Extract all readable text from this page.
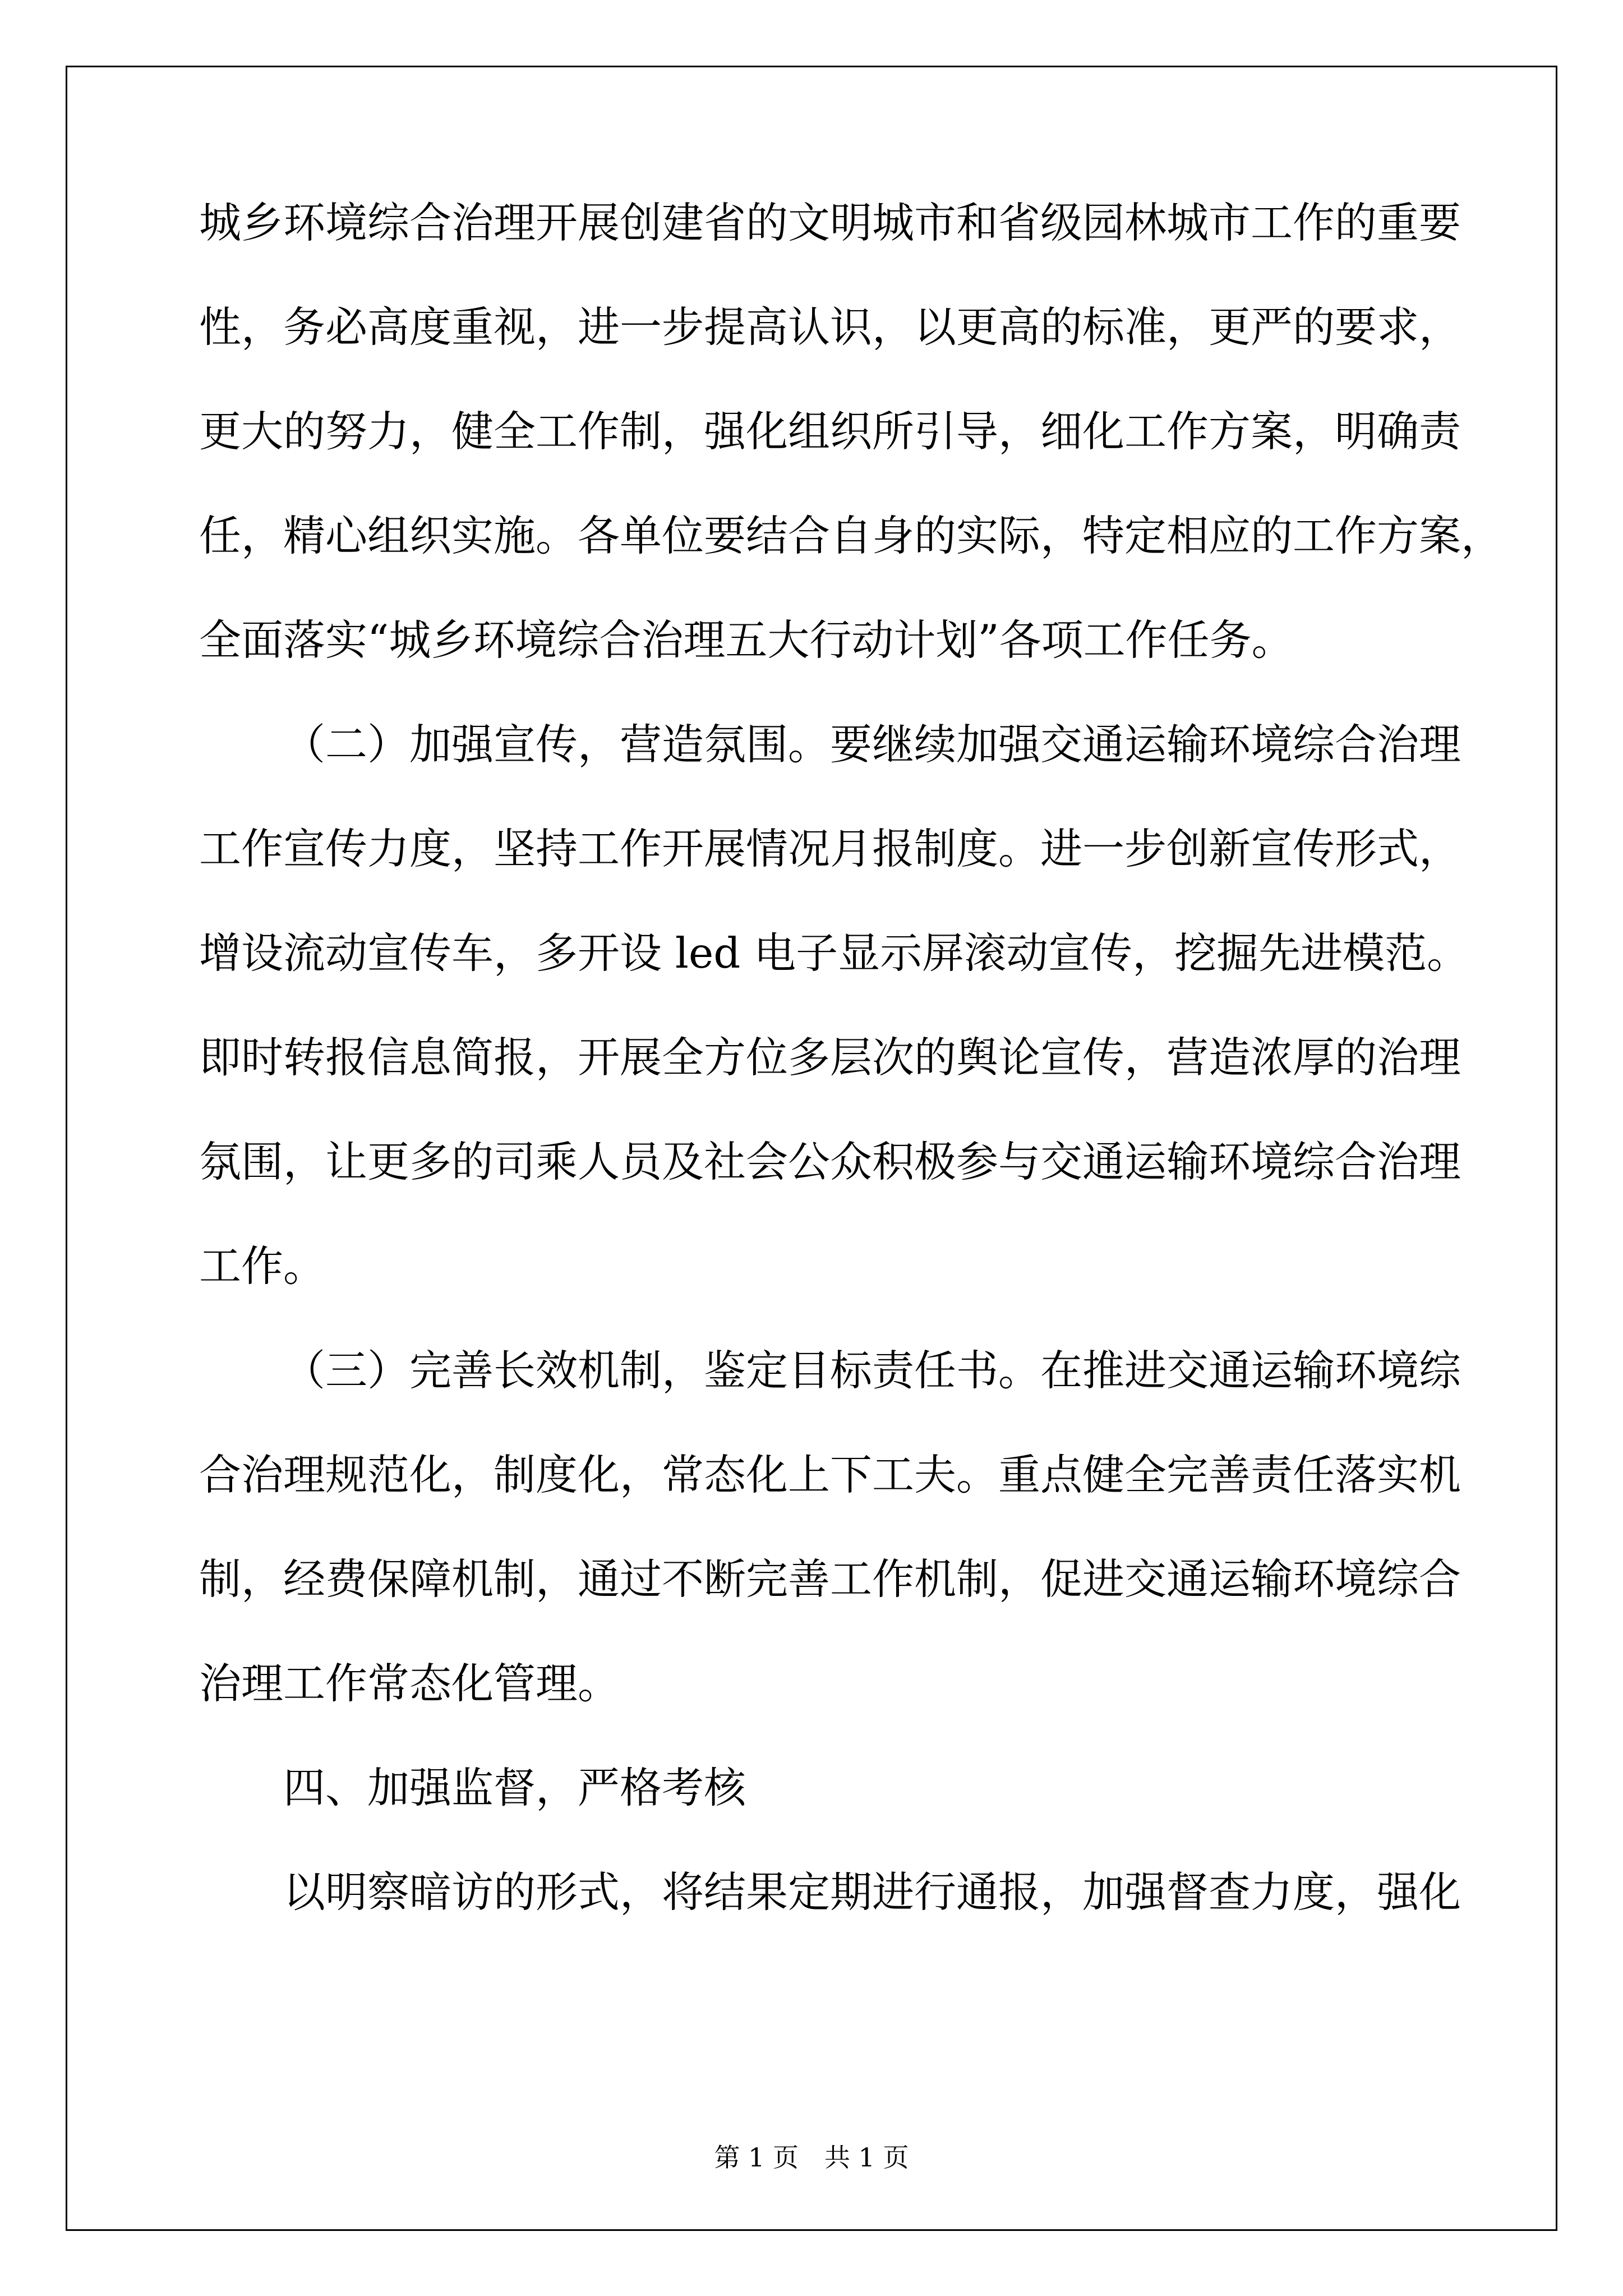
城乡环境综合治理开展创建省的文明城市和省级园林城市工作的重要
性，务必高度重视，进一步提高认识，以更高的标准，更严的要求，
更大的努力，健全工作制，强化组织所引导，细化工作方案，明确责
任，精心组织实施。各单位要结合自身的实际，特定相应的工作方案，
全面落实“城乡环境综合治理五大行动计划”各项工作任务。
（二）加强宣传，营造氛围。要继续加强交通运输环境综合治理
工作宣传力度，坚持工作开展情况月报制度。进一步创新宣传形式，
增设流动宣传车，多开设 led 电子显示屏滚动宣传，挖掘先进模范。
即时转报信息简报，开展全方位多层次的舆论宣传，营造浓厚的治理
氛围，让更多的司乘人员及社会公众积极参与交通运输环境综合治理
工作。
（三）完善长效机制，鉴定目标责任书。在推进交通运输环境综
合治理规范化，制度化，常态化上下工夫。重点健全完善责任落实机
制，经费保障机制，通过不断完善工作机制，促进交通运输环境综合
治理工作常态化管理。
四、加强监督，严格考核
以明察暗访的形式，将结果定期进行通报，加强督查力度，强化
第 1 页　共 1 页
